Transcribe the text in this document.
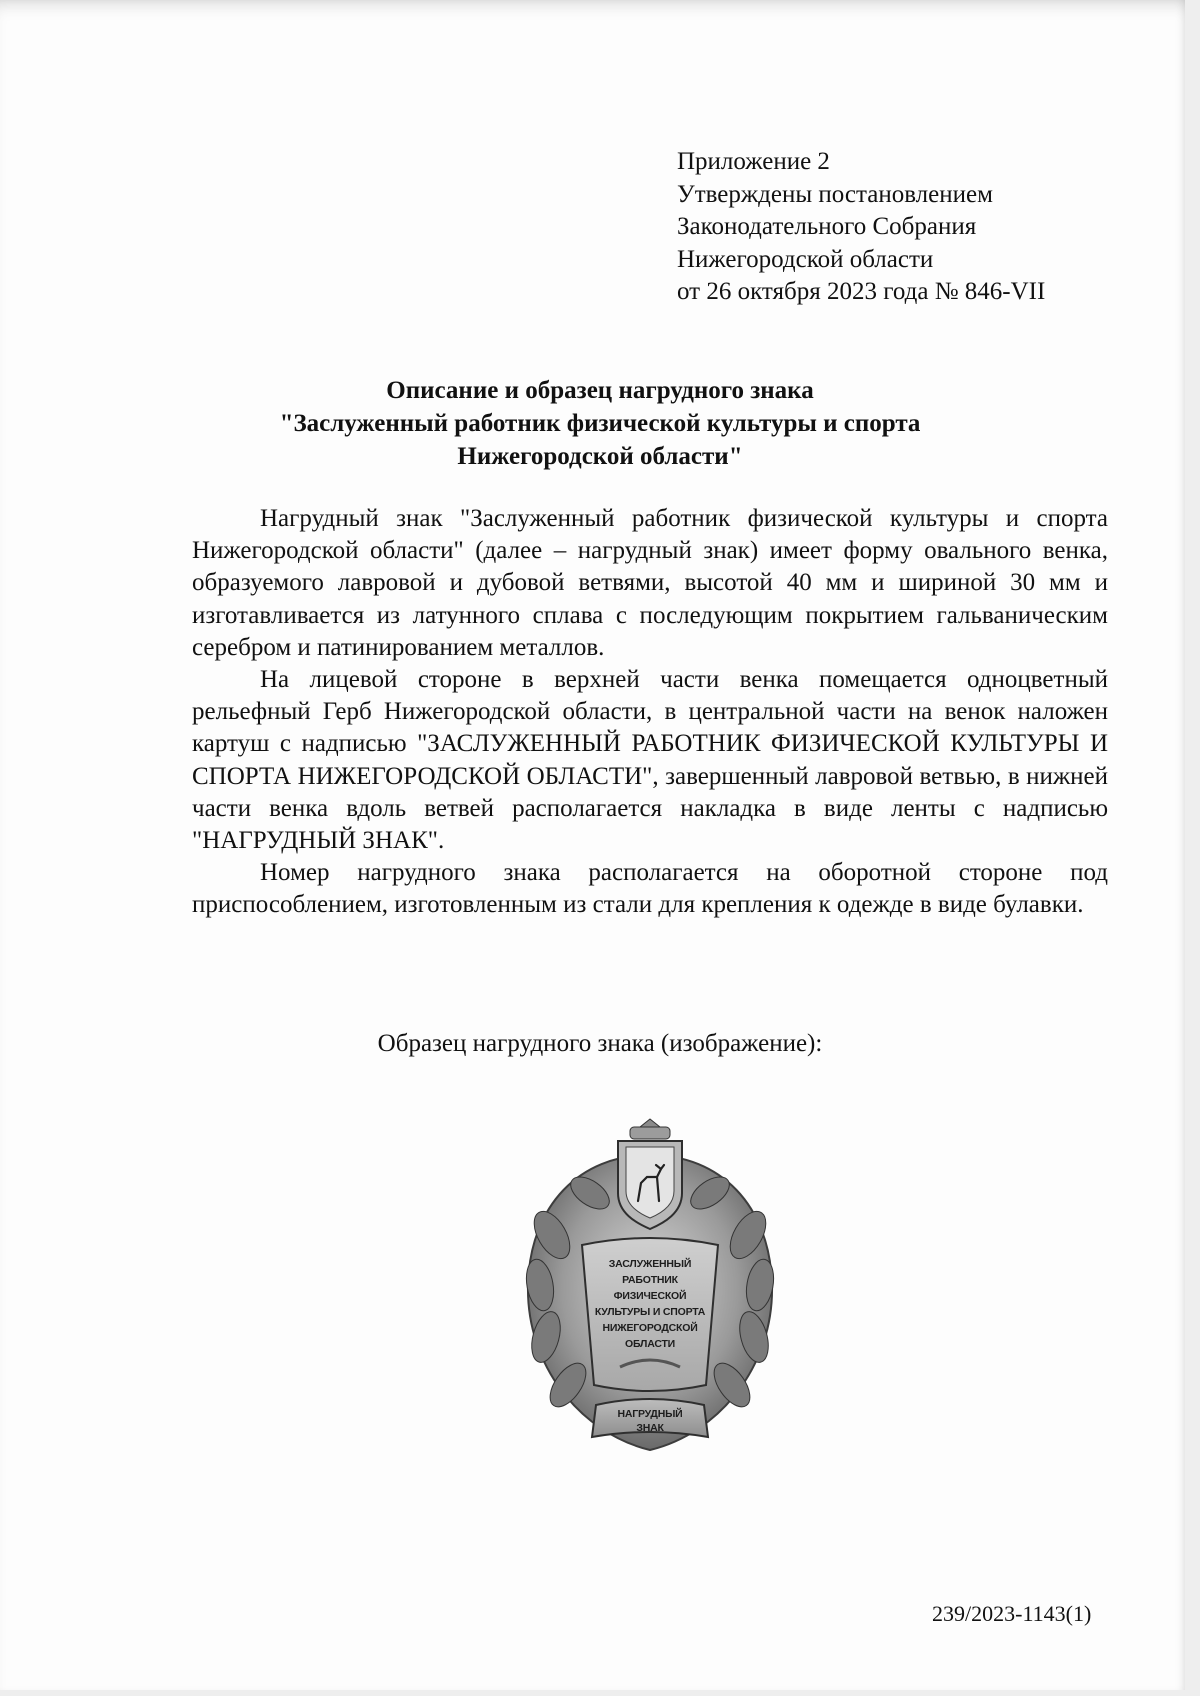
Приложение 2
Утверждены постановлением
Законодательного Собрания
Нижегородской области
от 26 октября 2023 года № 846-VII
Описание и образец нагрудного знака
"Заслуженный работник физической культуры и спорта
Нижегородской области"

Нагрудный знак "Заслуженный работник физической культуры и спорта Нижегородской области" (далее – нагрудный знак) имеет форму овального венка, образуемого лавровой и дубовой ветвями, высотой 40 мм и шириной 30 мм и изготавливается из латунного сплава с последующим покрытием гальваническим серебром и патинированием металлов.

На лицевой стороне в верхней части венка помещается одноцветный рельефный Герб Нижегородской области, в центральной части на венок наложен картуш с надписью "ЗАСЛУЖЕННЫЙ РАБОТНИК ФИЗИЧЕСКОЙ КУЛЬТУРЫ И СПОРТА НИЖЕГОРОДСКОЙ ОБЛАСТИ", завершенный лавровой ветвью, в нижней части венка вдоль ветвей располагается накладка в виде ленты с надписью "НАГРУДНЫЙ ЗНАК".

Номер нагрудного знака располагается на оборотной стороне под приспособлением, изготовленным из стали для крепления к одежде в виде булавки.

Образец нагрудного знака (изображение):
ЗАСЛУЖЕННЫЙ
РАБОТНИК
ФИЗИЧЕСКОЙ
КУЛЬТУРЫ И СПОРТА
НИЖЕГОРОДСКОЙ
ОБЛАСТИ
НАГРУДНЫЙ
ЗНАК
239/2023-1143(1)
